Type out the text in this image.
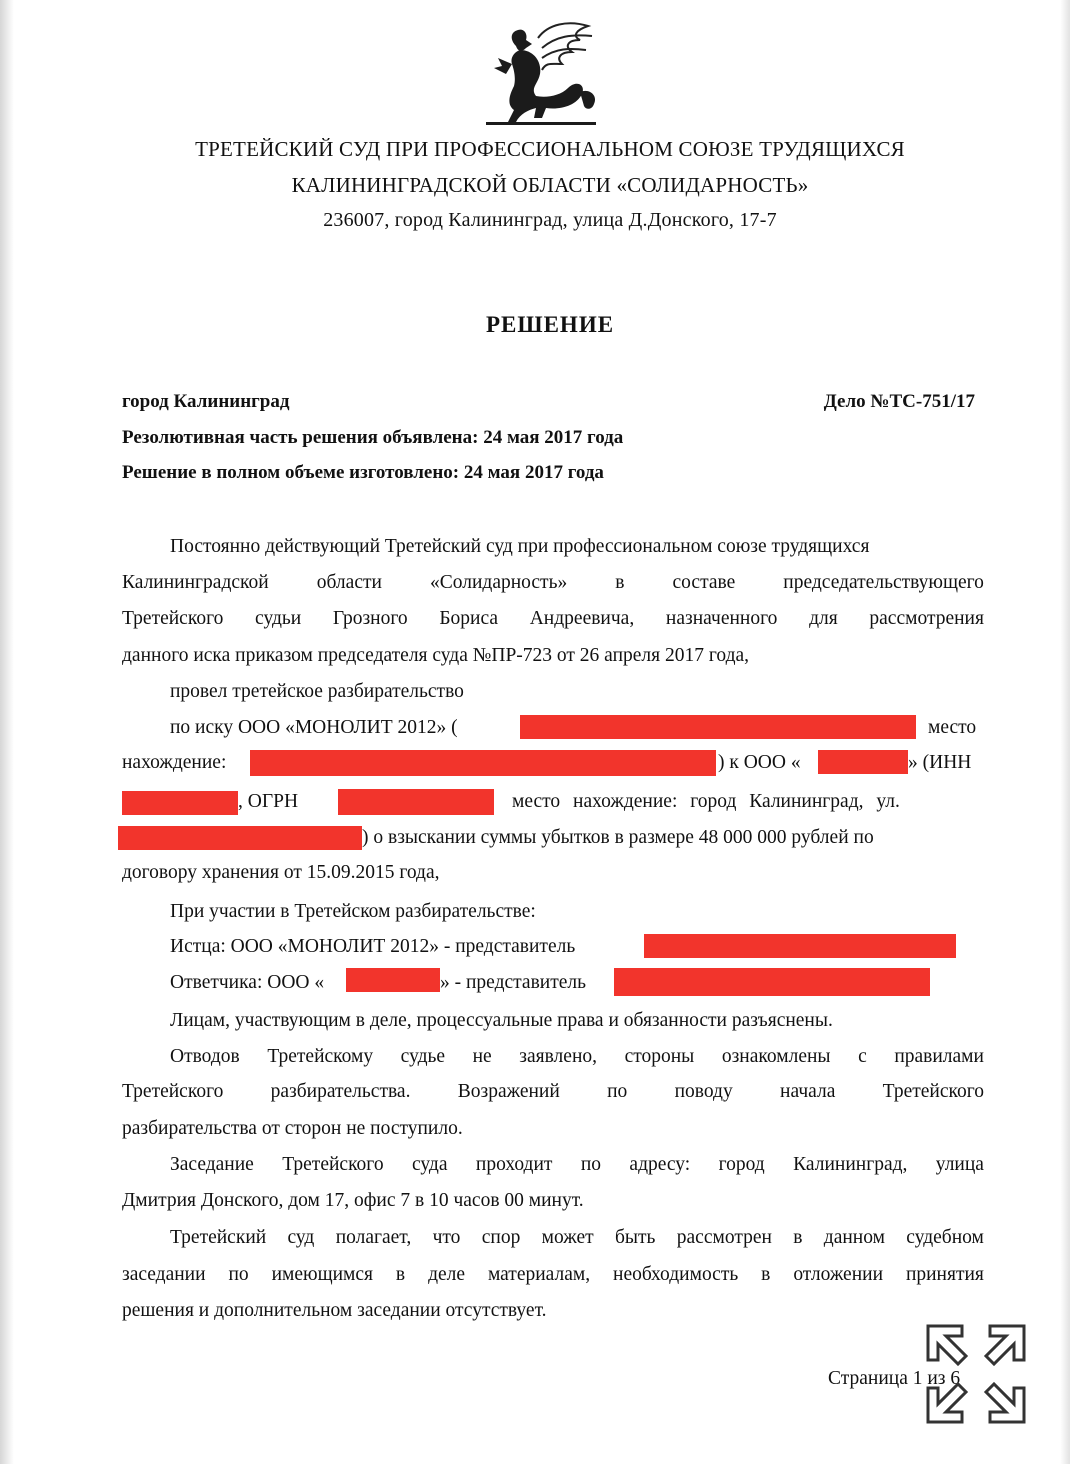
ТРЕТЕЙСКИЙ СУД ПРИ ПРОФЕССИОНАЛЬНОМ СОЮЗЕ ТРУДЯЩИХСЯ
КАЛИНИНГРАДСКОЙ ОБЛАСТИ «СОЛИДАРНОСТЬ»
236007, город Калининград, улица Д.Донского, 17-7
РЕШЕНИЕ
город Калининград	Дело №ТС-751/17
Резолютивная часть решения объявлена: 24 мая 2017 года
Решение в полном объеме изготовлено: 24 мая 2017 года
Постоянно действующий Третейский суд при профессиональном союзе трудящихся
Калининградской области «Солидарность» в составе председательствующего
Третейского судьи Грозного Бориса Андреевича, назначенного для рассмотрения
данного иска приказом председателя суда №ПР-723 от 26 апреля 2017 года,
провел третейское разбирательство
по иску ООО «МОНОЛИТ 2012» (	место
нахождение:	) к ООО «	» (ИНН
, ОГРН	место нахождение: город Калининград, ул.
) о взыскании суммы убытков в размере 48 000 000 рублей по
договору хранения от 15.09.2015 года,
При участии в Третейском разбирательстве:
Истца: ООО «МОНОЛИТ 2012» - представитель
Ответчика: ООО «	» - представитель
Лицам, участвующим в деле, процессуальные права и обязанности разъяснены.
Отводов Третейскому судье не заявлено, стороны ознакомлены с правилами
Третейского разбирательства. Возражений по поводу начала Третейского
разбирательства от сторон не поступило.
Заседание Третейского суда проходит по адресу: город Калининград, улица
Дмитрия Донского, дом 17, офис 7 в 10 часов 00 минут.
Третейский суд полагает, что спор может быть рассмотрен в данном судебном
заседании по имеющимся в деле материалам, необходимость в отложении принятия
решения и дополнительном заседании отсутствует.
Страница 1 из 6
